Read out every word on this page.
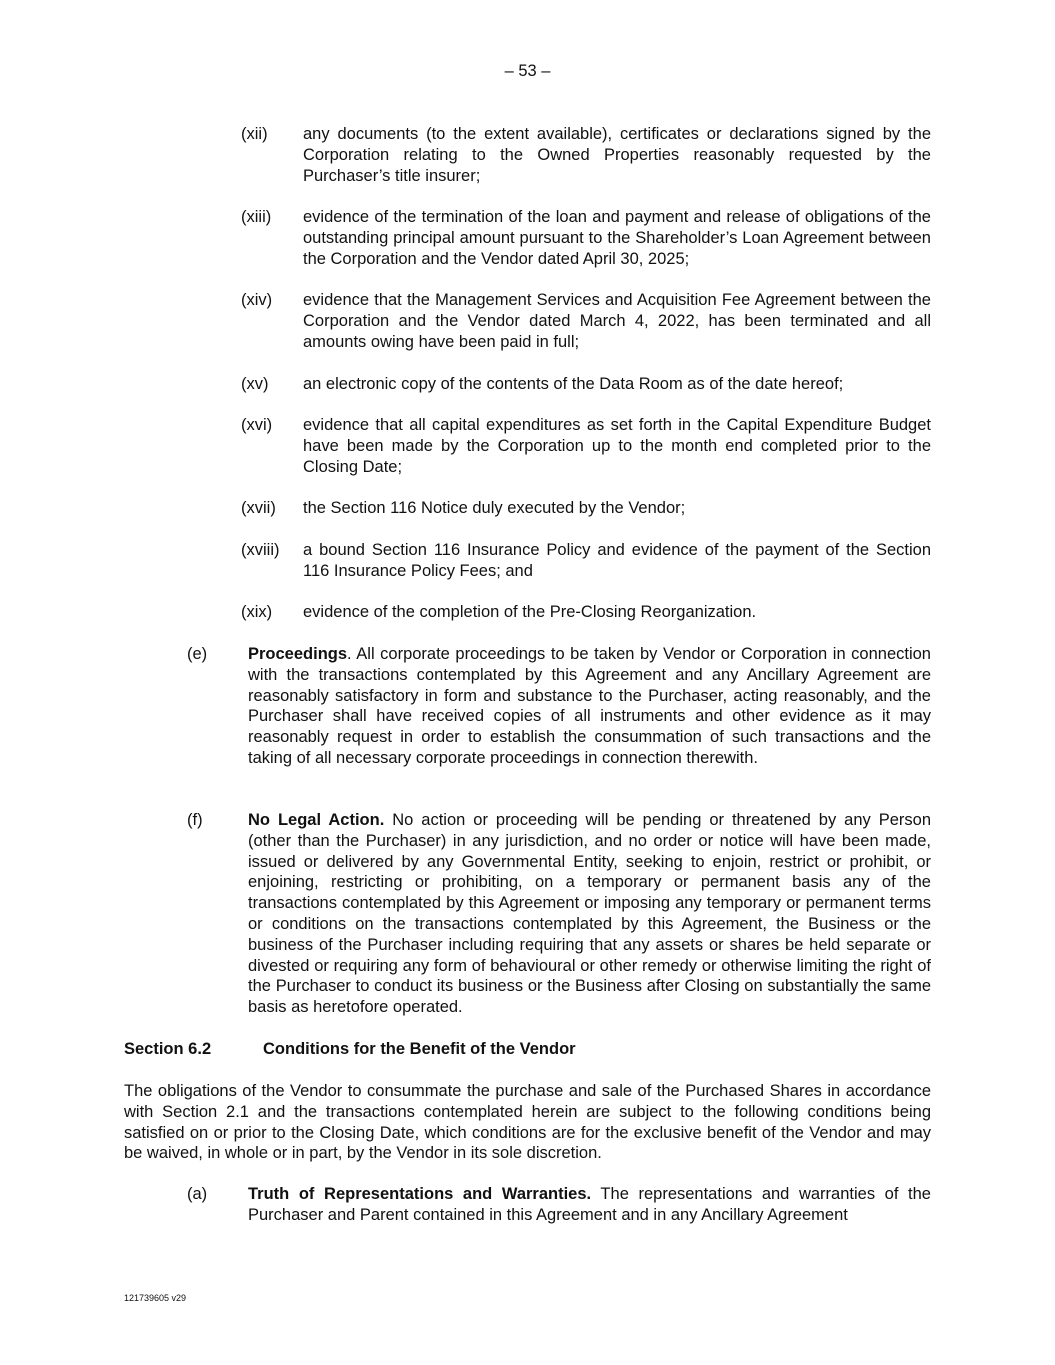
– 53 –
(xii) any documents (to the extent available), certificates or declarations signed by the Corporation relating to the Owned Properties reasonably requested by the Purchaser’s title insurer;
(xiii) evidence of the termination of the loan and payment and release of obligations of the outstanding principal amount pursuant to the Shareholder’s Loan Agreement between the Corporation and the Vendor dated April 30, 2025;
(xiv) evidence that the Management Services and Acquisition Fee Agreement between the Corporation and the Vendor dated March 4, 2022, has been terminated and all amounts owing have been paid in full;
(xv) an electronic copy of the contents of the Data Room as of the date hereof;
(xvi) evidence that all capital expenditures as set forth in the Capital Expenditure Budget have been made by the Corporation up to the month end completed prior to the Closing Date;
(xvii) the Section 116 Notice duly executed by the Vendor;
(xviii) a bound Section 116 Insurance Policy and evidence of the payment of the Section 116 Insurance Policy Fees; and
(xix) evidence of the completion of the Pre-Closing Reorganization.
(e) Proceedings. All corporate proceedings to be taken by Vendor or Corporation in connection with the transactions contemplated by this Agreement and any Ancillary Agreement are reasonably satisfactory in form and substance to the Purchaser, acting reasonably, and the Purchaser shall have received copies of all instruments and other evidence as it may reasonably request in order to establish the consummation of such transactions and the taking of all necessary corporate proceedings in connection therewith.
(f)	No Legal Action. No action or proceeding will be pending or threatened by any Person (other than the Purchaser) in any jurisdiction, and no order or notice will have been made, issued or delivered by any Governmental Entity, seeking to enjoin, restrict or prohibit, or enjoining, restricting or prohibiting, on a temporary or permanent basis any of the transactions contemplated by this Agreement or imposing any temporary or permanent terms or conditions on the transactions contemplated by this Agreement, the Business or the business of the Purchaser including requiring that any assets or shares be held separate or divested or requiring any form of behavioural or other remedy or otherwise limiting the right of the Purchaser to conduct its business or the Business after Closing on substantially the same basis as heretofore operated.
Section 6.2	Conditions for the Benefit of the Vendor
The obligations of the Vendor to consummate the purchase and sale of the Purchased Shares in accordance with Section 2.1 and the transactions contemplated herein are subject to the following conditions being satisfied on or prior to the Closing Date, which conditions are for the exclusive benefit of the Vendor and may be waived, in whole or in part, by the Vendor in its sole discretion.
(a) Truth of Representations and Warranties. The representations and warranties of the Purchaser and Parent contained in this Agreement and in any Ancillary Agreement
121739605 v29
